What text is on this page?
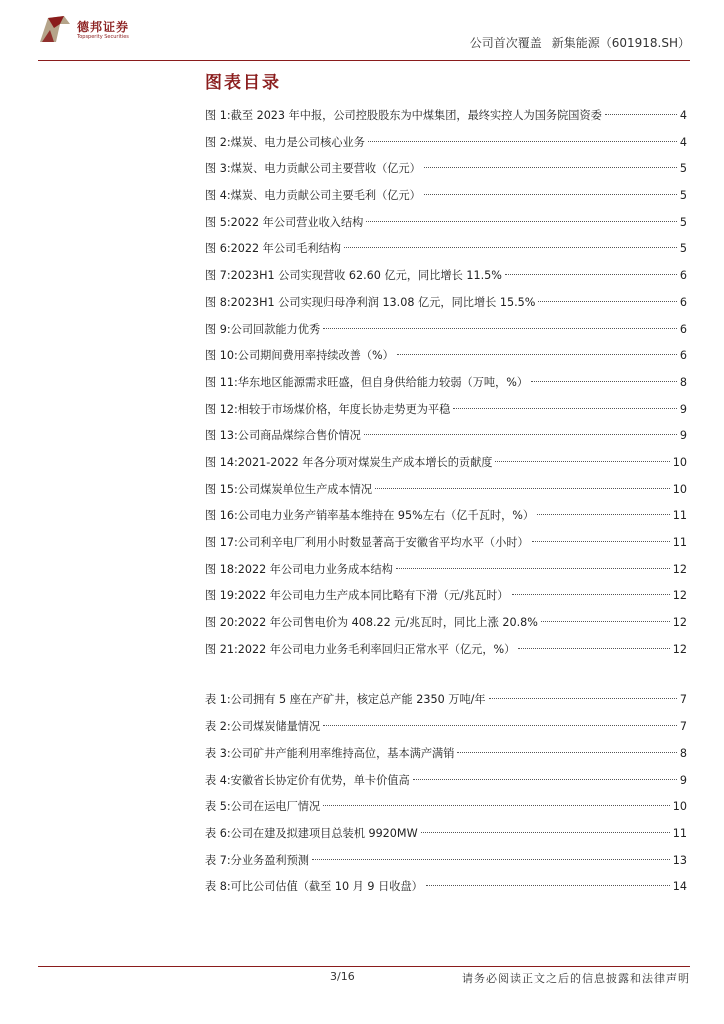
德邦证券
Topsperity Securities	公司首次覆盖 新集能源（601918.SH）
图表目录
图 1: 截至 2023 年中报，公司控股股东为中煤集团，最终实控人为国务院国资委	4
图 2: 煤炭、电力是公司核心业务	4
图 3: 煤炭、电力贡献公司主要营收（亿元）	5
图 4: 煤炭、电力贡献公司主要毛利（亿元）	5
图 5: 2022 年公司营业收入结构	5
图 6: 2022 年公司毛利结构	5
图 7: 2023H1 公司实现营收 62.60 亿元，同比增长 11.5%	6
图 8: 2023H1 公司实现归母净利润 13.08 亿元，同比增长 15.5%	6
图 9: 公司回款能力优秀	6
图 10: 公司期间费用率持续改善（%）	6
图 11: 华东地区能源需求旺盛，但自身供给能力较弱（万吨，%）	8
图 12: 相较于市场煤价格，年度长协走势更为平稳	9
图 13: 公司商品煤综合售价情况	9
图 14: 2021-2022 年各分项对煤炭生产成本增长的贡献度	10
图 15: 公司煤炭单位生产成本情况	10
图 16: 公司电力业务产销率基本维持在 95%左右（亿千瓦时，%）	11
图 17: 公司利辛电厂利用小时数显著高于安徽省平均水平（小时）	11
图 18: 2022 年公司电力业务成本结构	12
图 19: 2022 年公司电力生产成本同比略有下滑（元/兆瓦时）	12
图 20: 2022 年公司售电价为 408.22 元/兆瓦时，同比上涨 20.8%	12
图 21: 2022 年公司电力业务毛利率回归正常水平（亿元，%）	12
表 1: 公司拥有 5 座在产矿井，核定总产能 2350 万吨/年	7
表 2: 公司煤炭储量情况	7
表 3: 公司矿井产能利用率维持高位，基本满产满销	8
表 4: 安徽省长协定价有优势，单卡价值高	9
表 5: 公司在运电厂情况	10
表 6: 公司在建及拟建项目总装机 9920MW	11
表 7: 分业务盈利预测	13
表 8: 可比公司估值（截至 10 月 9 日收盘）	14
3/16	请务必阅读正文之后的信息披露和法律声明
